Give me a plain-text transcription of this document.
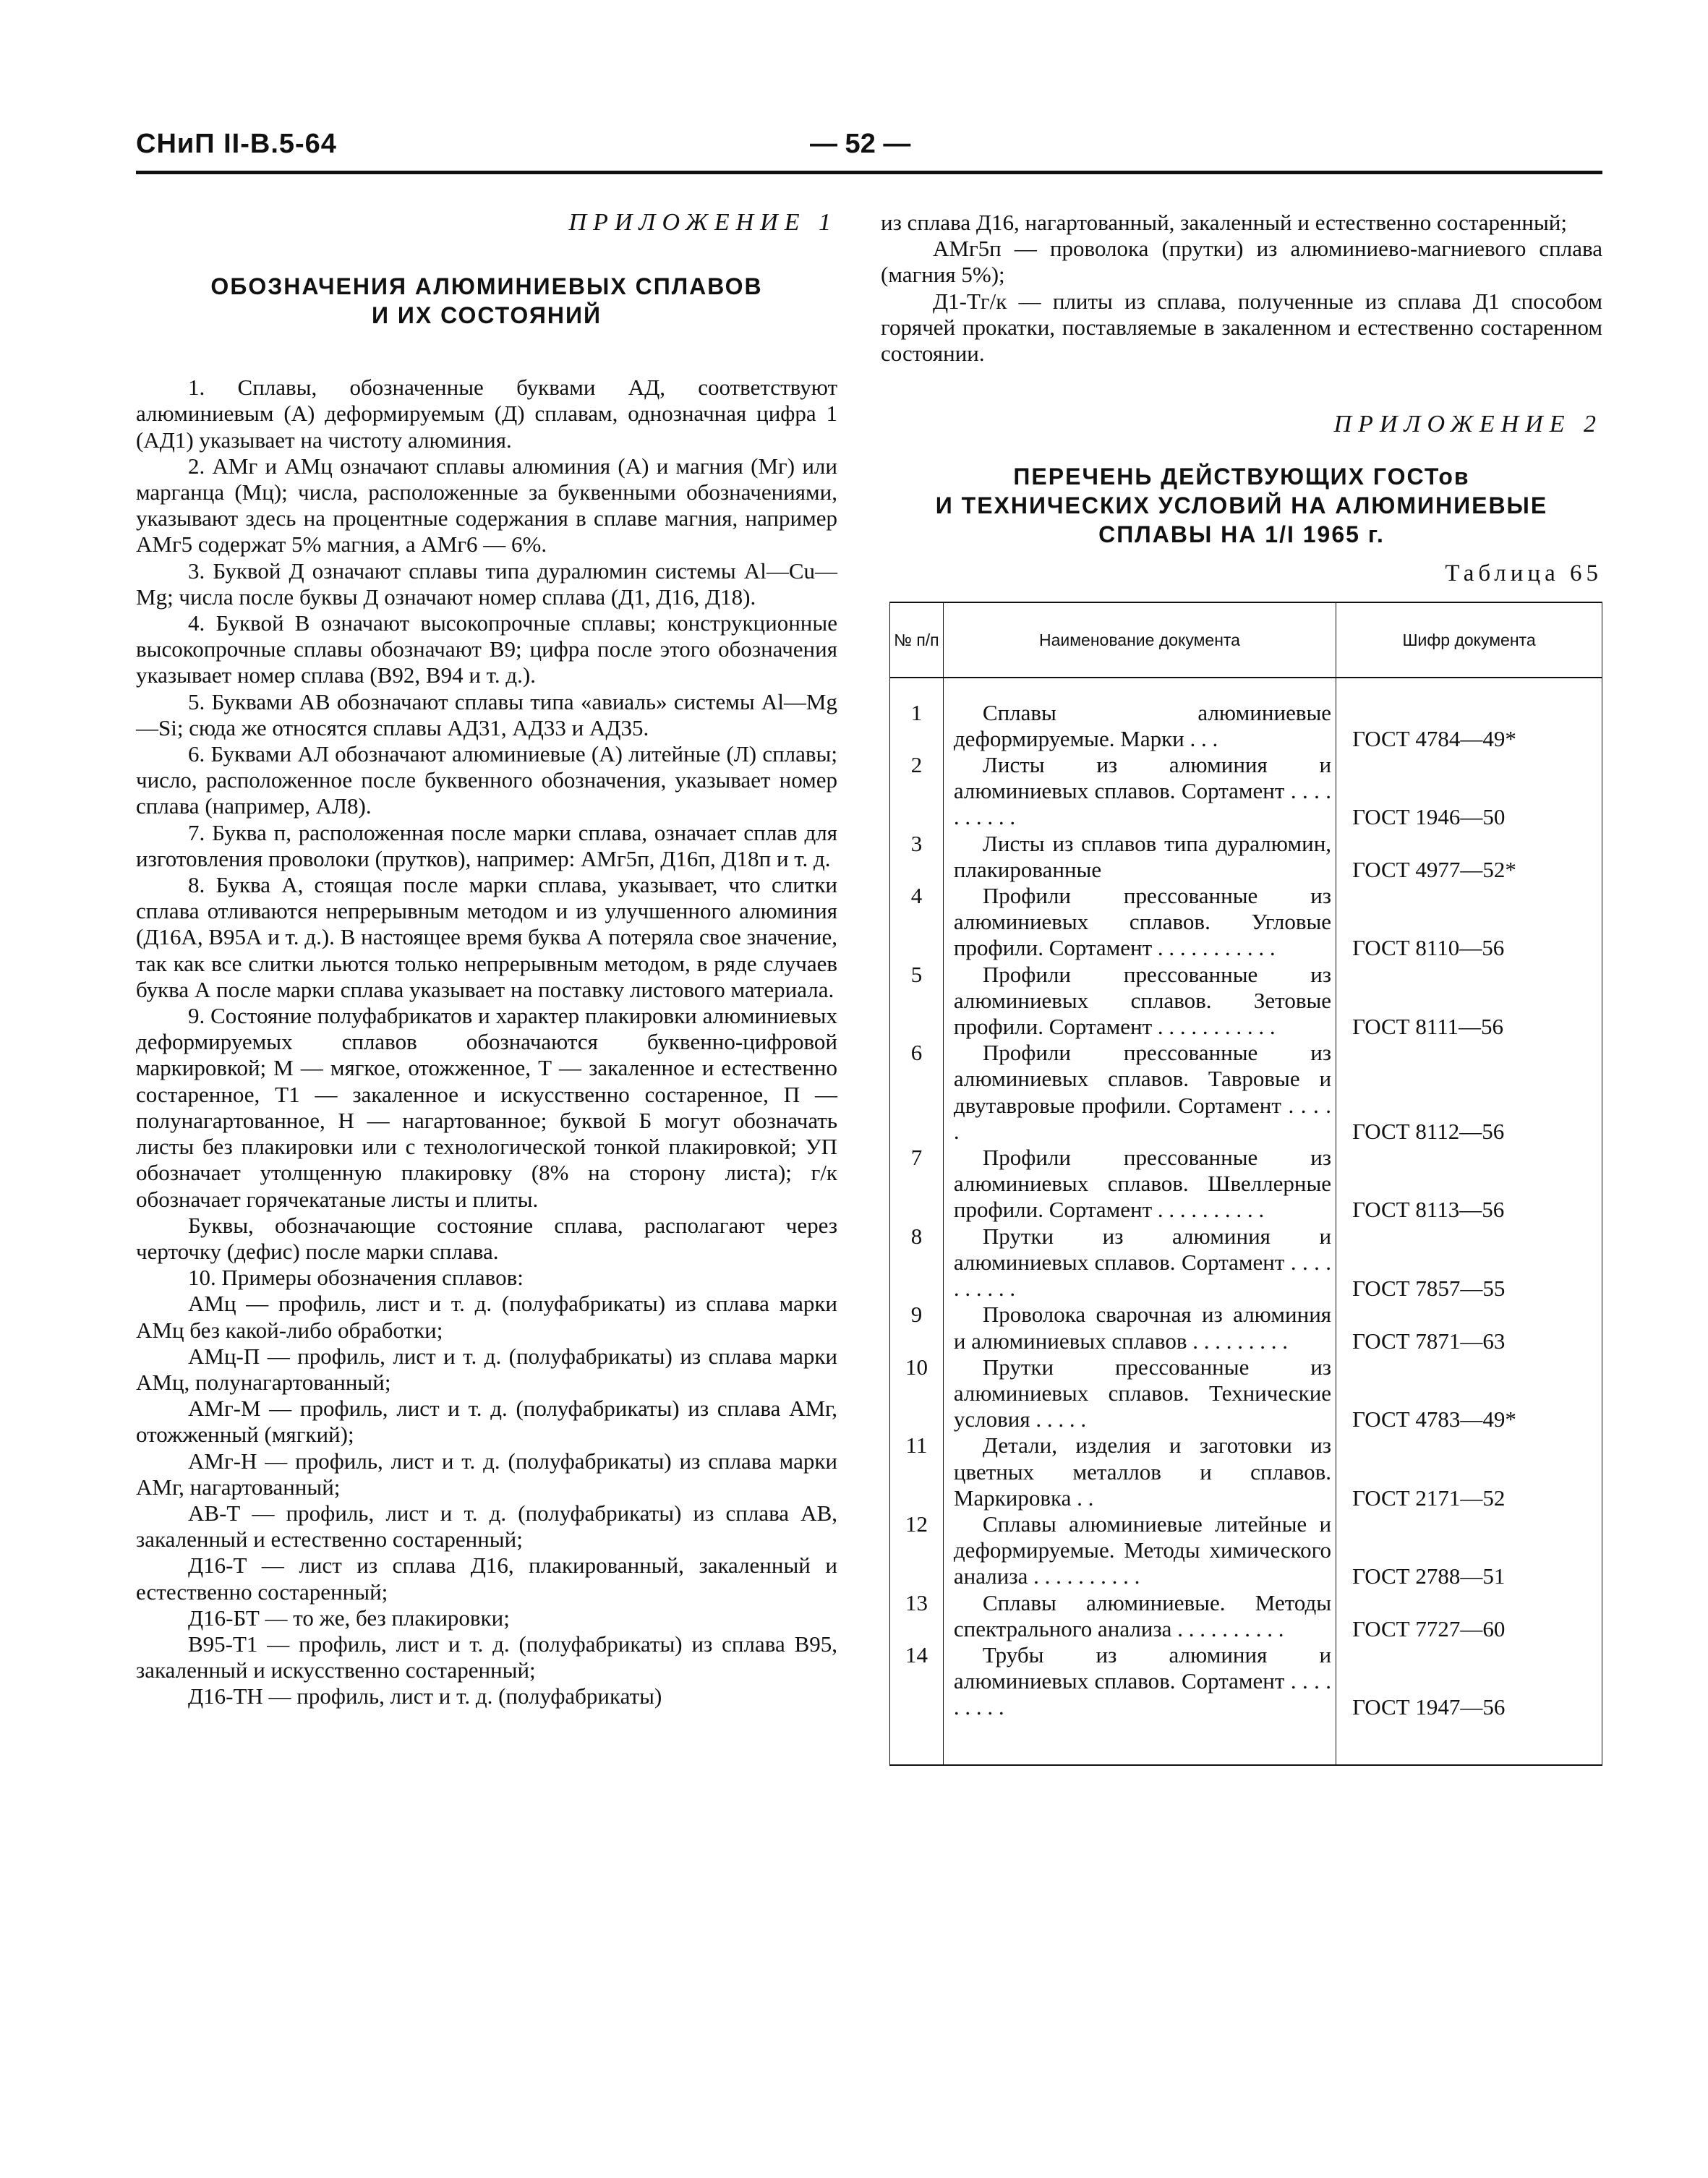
СНиП II-В.5-64	— 52 —

ПРИЛОЖЕНИЕ 1

ОБОЗНАЧЕНИЯ АЛЮМИНИЕВЫХ СПЛАВОВ

И ИХ СОСТОЯНИЙ

1. Сплавы, обозначенные буквами АД, соответствуют алюминиевым (А) деформируемым (Д) сплавам, однозначная цифра 1 (АД1) указывает на чистоту алюминия.

2. АМг и АМц означают сплавы алюминия (А) и магния (Мг) или марганца (Мц); числа, расположенные за буквенными обозначениями, указывают здесь на процентные содержания в сплаве магния, например АМг5 содержат 5% магния, а АМг6 — 6%.

3. Буквой Д означают сплавы типа дуралюмин системы Al—Cu—Mg; числа после буквы Д означают номер сплава (Д1, Д16, Д18).

4. Буквой В означают высокопрочные сплавы; конструкционные высокопрочные сплавы обозначают В9; цифра после этого обозначения указывает номер сплава (В92, В94 и т. д.).

5. Буквами АВ обозначают сплавы типа «авиаль» системы Al—Mg—Si; сюда же относятся сплавы АД31, АД33 и АД35.

6. Буквами АЛ обозначают алюминиевые (А) литейные (Л) сплавы; число, расположенное после буквенного обозначения, указывает номер сплава (например, АЛ8).

7. Буква п, расположенная после марки сплава, означает сплав для изготовления проволоки (прутков), например: АМг5п, Д16п, Д18п и т. д.

8. Буква А, стоящая после марки сплава, указывает, что слитки сплава отливаются непрерывным методом и из улучшенного алюминия (Д16А, В95А и т. д.). В настоящее время буква А потеряла свое значение, так как все слитки льются только непрерывным методом, в ряде случаев буква А после марки сплава указывает на поставку листового материала.

9. Состояние полуфабрикатов и характер плакировки алюминиевых деформируемых сплавов обозначаются буквенно-цифровой маркировкой; М — мягкое, отожженное, Т — закаленное и естественно состаренное, Т1 — закаленное и искусственно состаренное, П — полунагартованное, Н — нагартованное; буквой Б могут обозначать листы без плакировки или с технологической тонкой плакировкой; УП обозначает утолщенную плакировку (8% на сторону листа); г/к обозначает горячекатаные листы и плиты.

Буквы, обозначающие состояние сплава, располагают через черточку (дефис) после марки сплава.

10. Примеры обозначения сплавов:

АМц — профиль, лист и т. д. (полуфабрикаты) из сплава марки АМц без какой-либо обработки;

АМц-П — профиль, лист и т. д. (полуфабрикаты) из сплава марки АМц, полунагартованный;

АМг-М — профиль, лист и т. д. (полуфабрикаты) из сплава АМг, отожженный (мягкий);

АМг-Н — профиль, лист и т. д. (полуфабрикаты) из сплава марки АМг, нагартованный;

АВ-Т — профиль, лист и т. д. (полуфабрикаты) из сплава АВ, закаленный и естественно состаренный;

Д16-Т — лист из сплава Д16, плакированный, закаленный и естественно состаренный;

Д16-БТ — то же, без плакировки;

В95-Т1 — профиль, лист и т. д. (полуфабрикаты) из сплава В95, закаленный и искусственно состаренный;

Д16-ТН — профиль, лист и т. д. (полуфабрикаты)

из сплава Д16, нагартованный, закаленный и естественно состаренный;

АМг5п — проволока (прутки) из алюминиево-магниевого сплава (магния 5%);

Д1-Тг/к — плиты из сплава, полученные из сплава Д1 способом горячей прокатки, поставляемые в закаленном и естественно состаренном состоянии.

ПРИЛОЖЕНИЕ 2

ПЕРЕЧЕНЬ ДЕЙСТВУЮЩИХ ГОСТов

И ТЕХНИЧЕСКИХ УСЛОВИЙ НА АЛЮМИНИЕВЫЕ

СПЛАВЫ НА 1/I 1965 г.

Таблица 65

№ п/п	Наименование документа	Шифр документа

1	Сплавы алюминиевые деформируемые. Марки . . .	ГОСТ 4784—49*
2	Листы из алюминия и алюминиевых сплавов. Сортамент . . . . . . . . . .	ГОСТ 1946—50
3	Листы из сплавов типа дуралюмин, плакированные	ГОСТ 4977—52*
4	Профили прессованные из алюминиевых сплавов. Угловые профили. Сортамент . . . . . . . . . . .	ГОСТ 8110—56
5	Профили прессованные из алюминиевых сплавов. Зетовые профили. Сортамент . . . . . . . . . . .	ГОСТ 8111—56
6	Профили прессованные из алюминиевых сплавов. Тавровые и двутавровые профили. Сортамент . . . . .	ГОСТ 8112—56
7	Профили прессованные из алюминиевых сплавов. Швеллерные профили. Сортамент . . . . . . . . . .	ГОСТ 8113—56
8	Прутки из алюминия и алюминиевых сплавов. Сортамент . . . . . . . . . .	ГОСТ 7857—55
9	Проволока сварочная из алюминия и алюминиевых сплавов . . . . . . . . .	ГОСТ 7871—63
10	Прутки прессованные из алюминиевых сплавов. Технические условия . . . . .	ГОСТ 4783—49*
11	Детали, изделия и заготовки из цветных металлов и сплавов. Маркировка . .	ГОСТ 2171—52
12	Сплавы алюминиевые литейные и деформируемые. Методы химического анализа . . . . . . . . . .	ГОСТ 2788—51
13	Сплавы алюминиевые. Методы спектрального анализа . . . . . . . . . .	ГОСТ 7727—60
14	Трубы из алюминия и алюминиевых сплавов. Сортамент . . . . . . . . .	ГОСТ 1947—56
